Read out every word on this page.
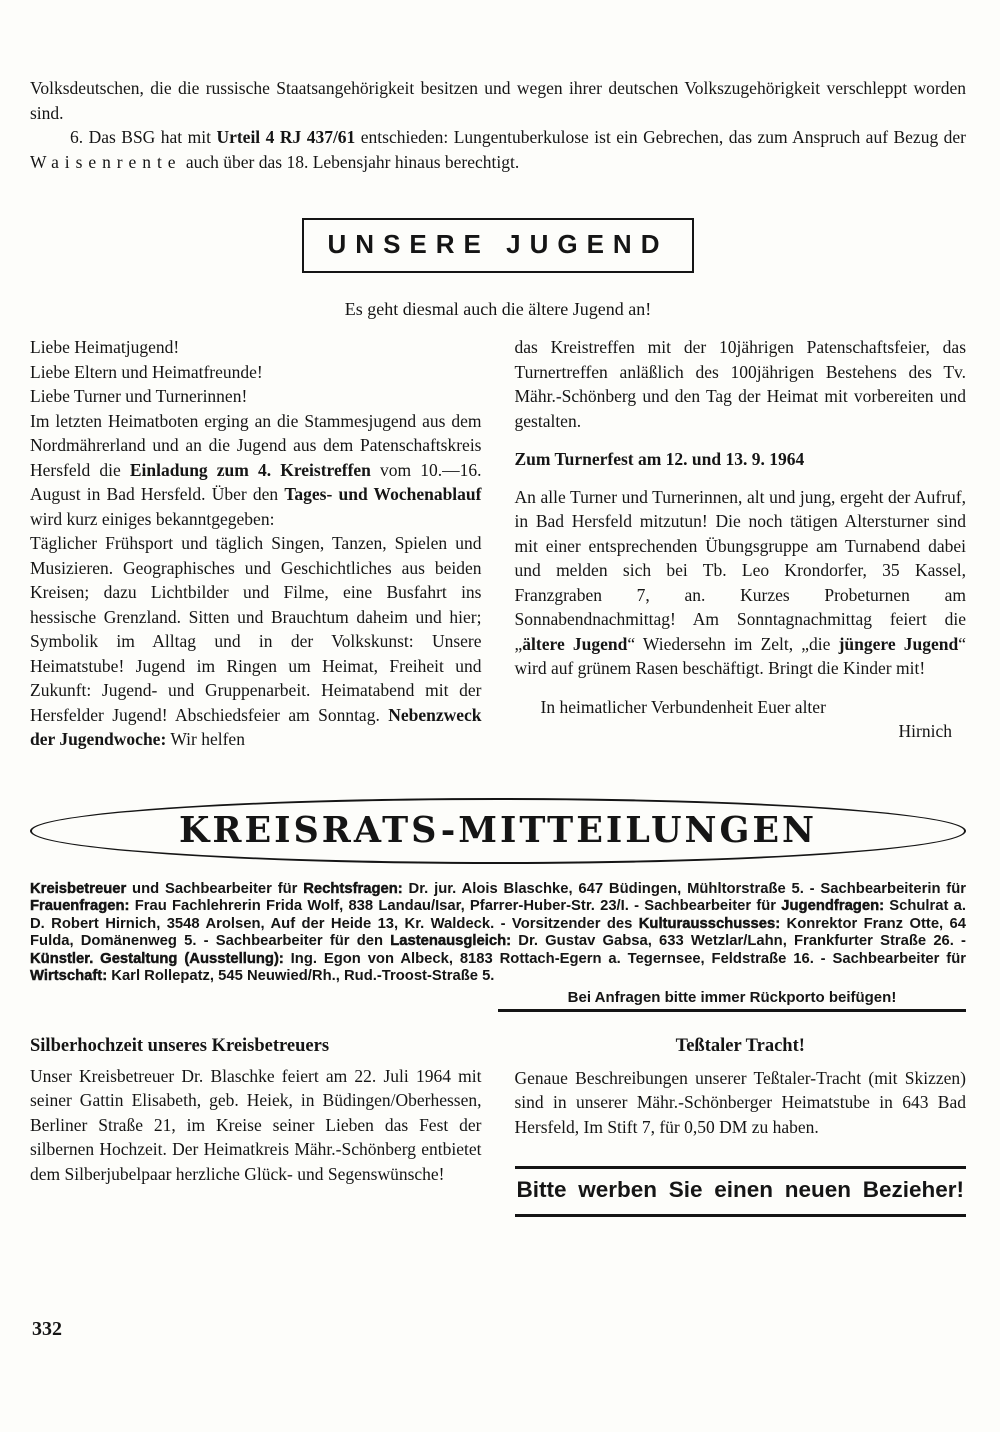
Volksdeutschen, die die russische Staatsangehörigkeit besitzen und wegen ihrer deutschen Volkszugehörigkeit verschleppt worden sind.

6. Das BSG hat mit Urteil 4 RJ 437/61 entschieden: Lungentuberkulose ist ein Gebrechen, das zum Anspruch auf Bezug der Waisenrente auch über das 18. Lebensjahr hinaus berechtigt.

UNSERE JUGEND

Es geht diesmal auch die ältere Jugend an!

Liebe Heimatjugend!

Liebe Eltern und Heimatfreunde!

Liebe Turner und Turnerinnen!

Im letzten Heimatboten erging an die Stammesjugend aus dem Nordmährerland und an die Jugend aus dem Patenschaftskreis Hersfeld die Einladung zum 4. Kreistreffen vom 10.—16. August in Bad Hersfeld. Über den Tages- und Wochenablauf wird kurz einiges bekanntgegeben:

Täglicher Frühsport und täglich Singen, Tanzen, Spielen und Musizieren. Geographisches und Geschichtliches aus beiden Kreisen; dazu Lichtbilder und Filme, eine Busfahrt ins hessische Grenzland. Sitten und Brauchtum daheim und hier; Symbolik im Alltag und in der Volkskunst: Unsere Heimatstube! Jugend im Ringen um Heimat, Freiheit und Zukunft: Jugend- und Gruppenarbeit. Heimatabend mit der Hersfelder Jugend! Abschiedsfeier am Sonntag. Nebenzweck der Jugendwoche: Wir helfen

das Kreistreffen mit der 10jährigen Patenschaftsfeier, das Turnertreffen anläßlich des 100jährigen Bestehens des Tv. Mähr.-Schönberg und den Tag der Heimat mit vorbereiten und gestalten.

Zum Turnerfest am 12. und 13. 9. 1964

An alle Turner und Turnerinnen, alt und jung, ergeht der Aufruf, in Bad Hersfeld mitzutun! Die noch tätigen Altersturner sind mit einer entsprechenden Übungsgruppe am Turnabend dabei und melden sich bei Tb. Leo Krondorfer, 35 Kassel, Franzgraben 7, an. Kurzes Probeturnen am Sonnabendnachmittag! Am Sonntagnachmittag feiert die „ältere Jugend“ Wiedersehn im Zelt, „die jüngere Jugend“ wird auf grünem Rasen beschäftigt. Bringt die Kinder mit!

In heimatlicher Verbundenheit Euer alter

Hirnich

KREISRATS-MITTEILUNGEN

Kreisbetreuer und Sachbearbeiter für Rechtsfragen: Dr. jur. Alois Blaschke, 647 Büdingen, Mühltorstraße 5. - Sachbearbeiterin für Frauenfragen: Frau Fachlehrerin Frida Wolf, 838 Landau/Isar, Pfarrer-Huber-Str. 23/I. - Sachbearbeiter für Jugendfragen: Schulrat a. D. Robert Hirnich, 3548 Arolsen, Auf der Heide 13, Kr. Waldeck. - Vorsitzender des Kulturausschusses: Konrektor Franz Otte, 64 Fulda, Domänenweg 5. - Sachbearbeiter für den Lastenausgleich: Dr. Gustav Gabsa, 633 Wetzlar/Lahn, Frankfurter Straße 26. - Künstler. Gestaltung (Ausstellung): Ing. Egon von Albeck, 8183 Rottach-Egern a. Tegernsee, Feldstraße 16. - Sachbearbeiter für Wirtschaft: Karl Rollepatz, 545 Neuwied/Rh., Rud.-Troost-Straße 5.

Bei Anfragen bitte immer Rückporto beifügen!

Silberhochzeit unseres Kreisbetreuers

Unser Kreisbetreuer Dr. Blaschke feiert am 22. Juli 1964 mit seiner Gattin Elisabeth, geb. Heiek, in Büdingen/Oberhessen, Berliner Straße 21, im Kreise seiner Lieben das Fest der silbernen Hochzeit. Der Heimatkreis Mähr.-Schönberg entbietet dem Silberjubelpaar herzliche Glück- und Segenswünsche!

Teßtaler Tracht!

Genaue Beschreibungen unserer Teßtaler-Tracht (mit Skizzen) sind in unserer Mähr.-Schönberger Heimatstube in 643 Bad Hersfeld, Im Stift 7, für 0,50 DM zu haben.

Bitte werben Sie einen neuen Bezieher!
332
